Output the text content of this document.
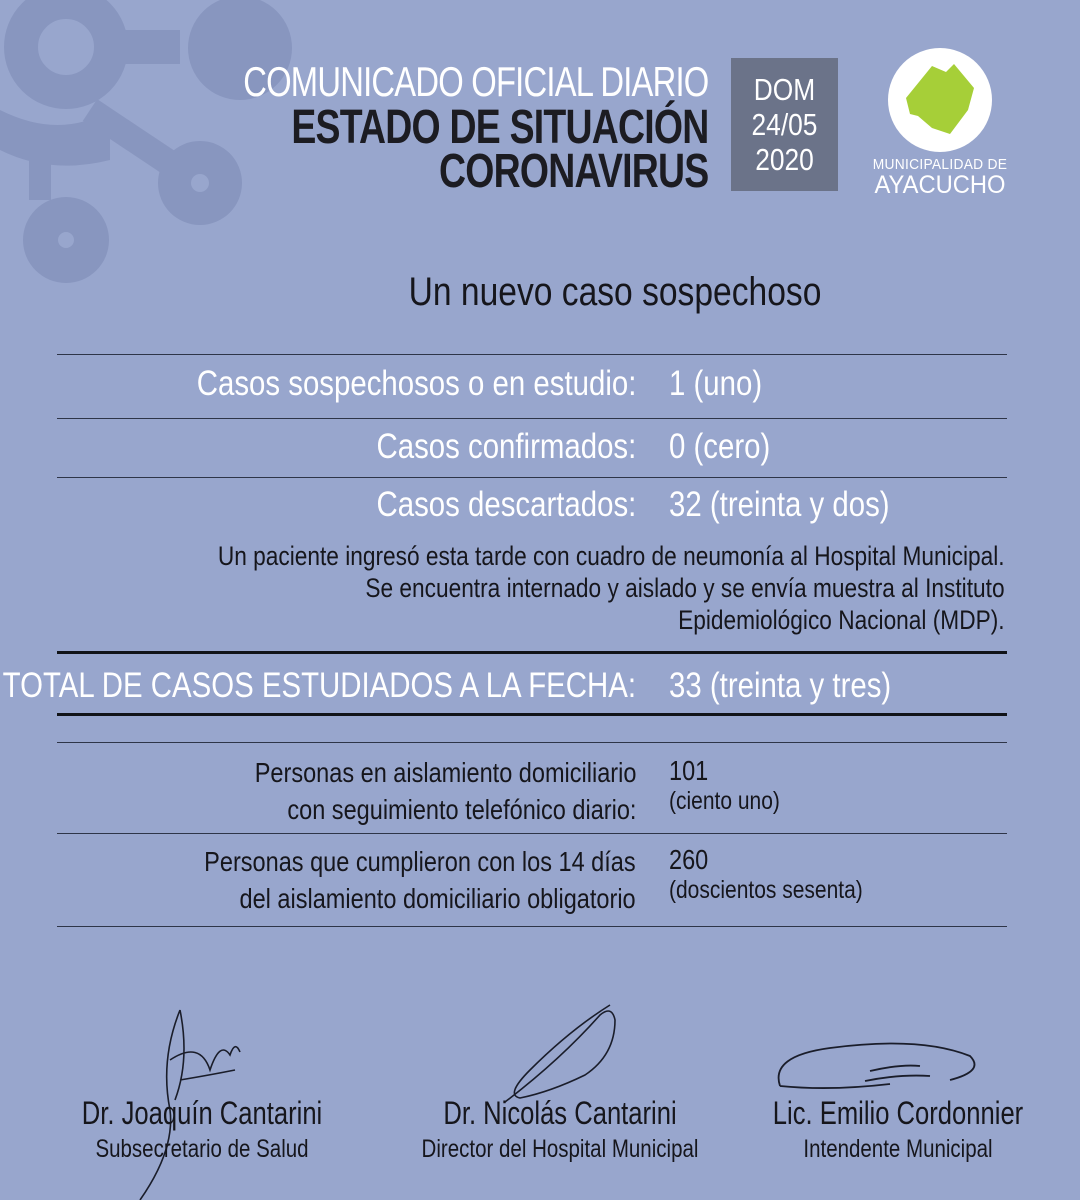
COMUNICADO OFICIAL DIARIO
ESTADO DE SITUACIÓN
CORONAVIRUS
DOM
24/05
2020	MUNICIPALIDAD DE
AYACUCHO
Un nuevo caso sospechoso
Casos sospechosos o en estudio: 1 (uno)
Casos confirmados: 0 (cero)
Casos descartados: 32 (treinta y dos)
Un paciente ingresó esta tarde con cuadro de neumonía al Hospital Municipal.
Se encuentra internado y aislado y se envía muestra al Instituto
Epidemiológico Nacional (MDP).
TOTAL DE CASOS ESTUDIADOS A LA FECHA: 33 (treinta y tres)
Personas en aislamiento domiciliario
con seguimiento telefónico diario:
101
(ciento uno)
Personas que cumplieron con los 14 días
del aislamiento domiciliario obligatorio
260
(doscientos sesenta)
Dr. Joaquín Cantarini
Subsecretario de Salud
Dr. Nicolás Cantarini
Director del Hospital Municipal
Lic. Emilio Cordonnier
Intendente Municipal
